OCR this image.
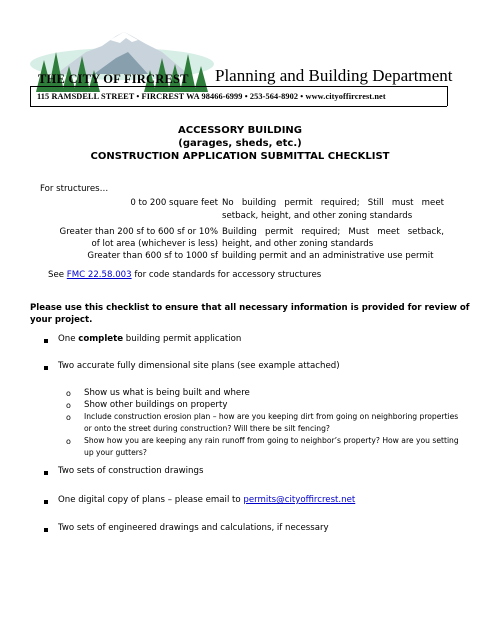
THE CITY OF FIRCREST Planning and Building Department
115 RAMSDELL STREET • FIRCREST WA 98466-6999 • 253-564-8902 • www.cityoffircrest.net
ACCESSORY BUILDING
(garages, sheds, etc.)
CONSTRUCTION APPLICATION SUBMITTAL CHECKLIST
For structures…
0 to 200 square feet No building permit required; Still must meet
setback, height, and other zoning standards
Greater than 200 sf to 600 sf or 10%
of lot area (whichever is less)
Greater than 600 sf to 1000 sf
Building permit required; Must meet setback,
height, and other zoning standards
building permit and an administrative use permit
See FMC 22.58.003 for code standards for accessory structures
Please use this checklist to ensure that all necessary information is provided for review of
your project.
One complete building permit application
Two accurate fully dimensional site plans (see example attached)
o Show us what is being built and where
o Show other buildings on property
o Include construction erosion plan – how are you keeping dirt from going on neighboring properties
or onto the street during construction? Will there be silt fencing?
o Show how you are keeping any rain runoff from going to neighbor’s property? How are you setting
up your gutters?
Two sets of construction drawings
One digital copy of plans – please email to permits@cityoffircrest.net
Two sets of engineered drawings and calculations, if necessary
